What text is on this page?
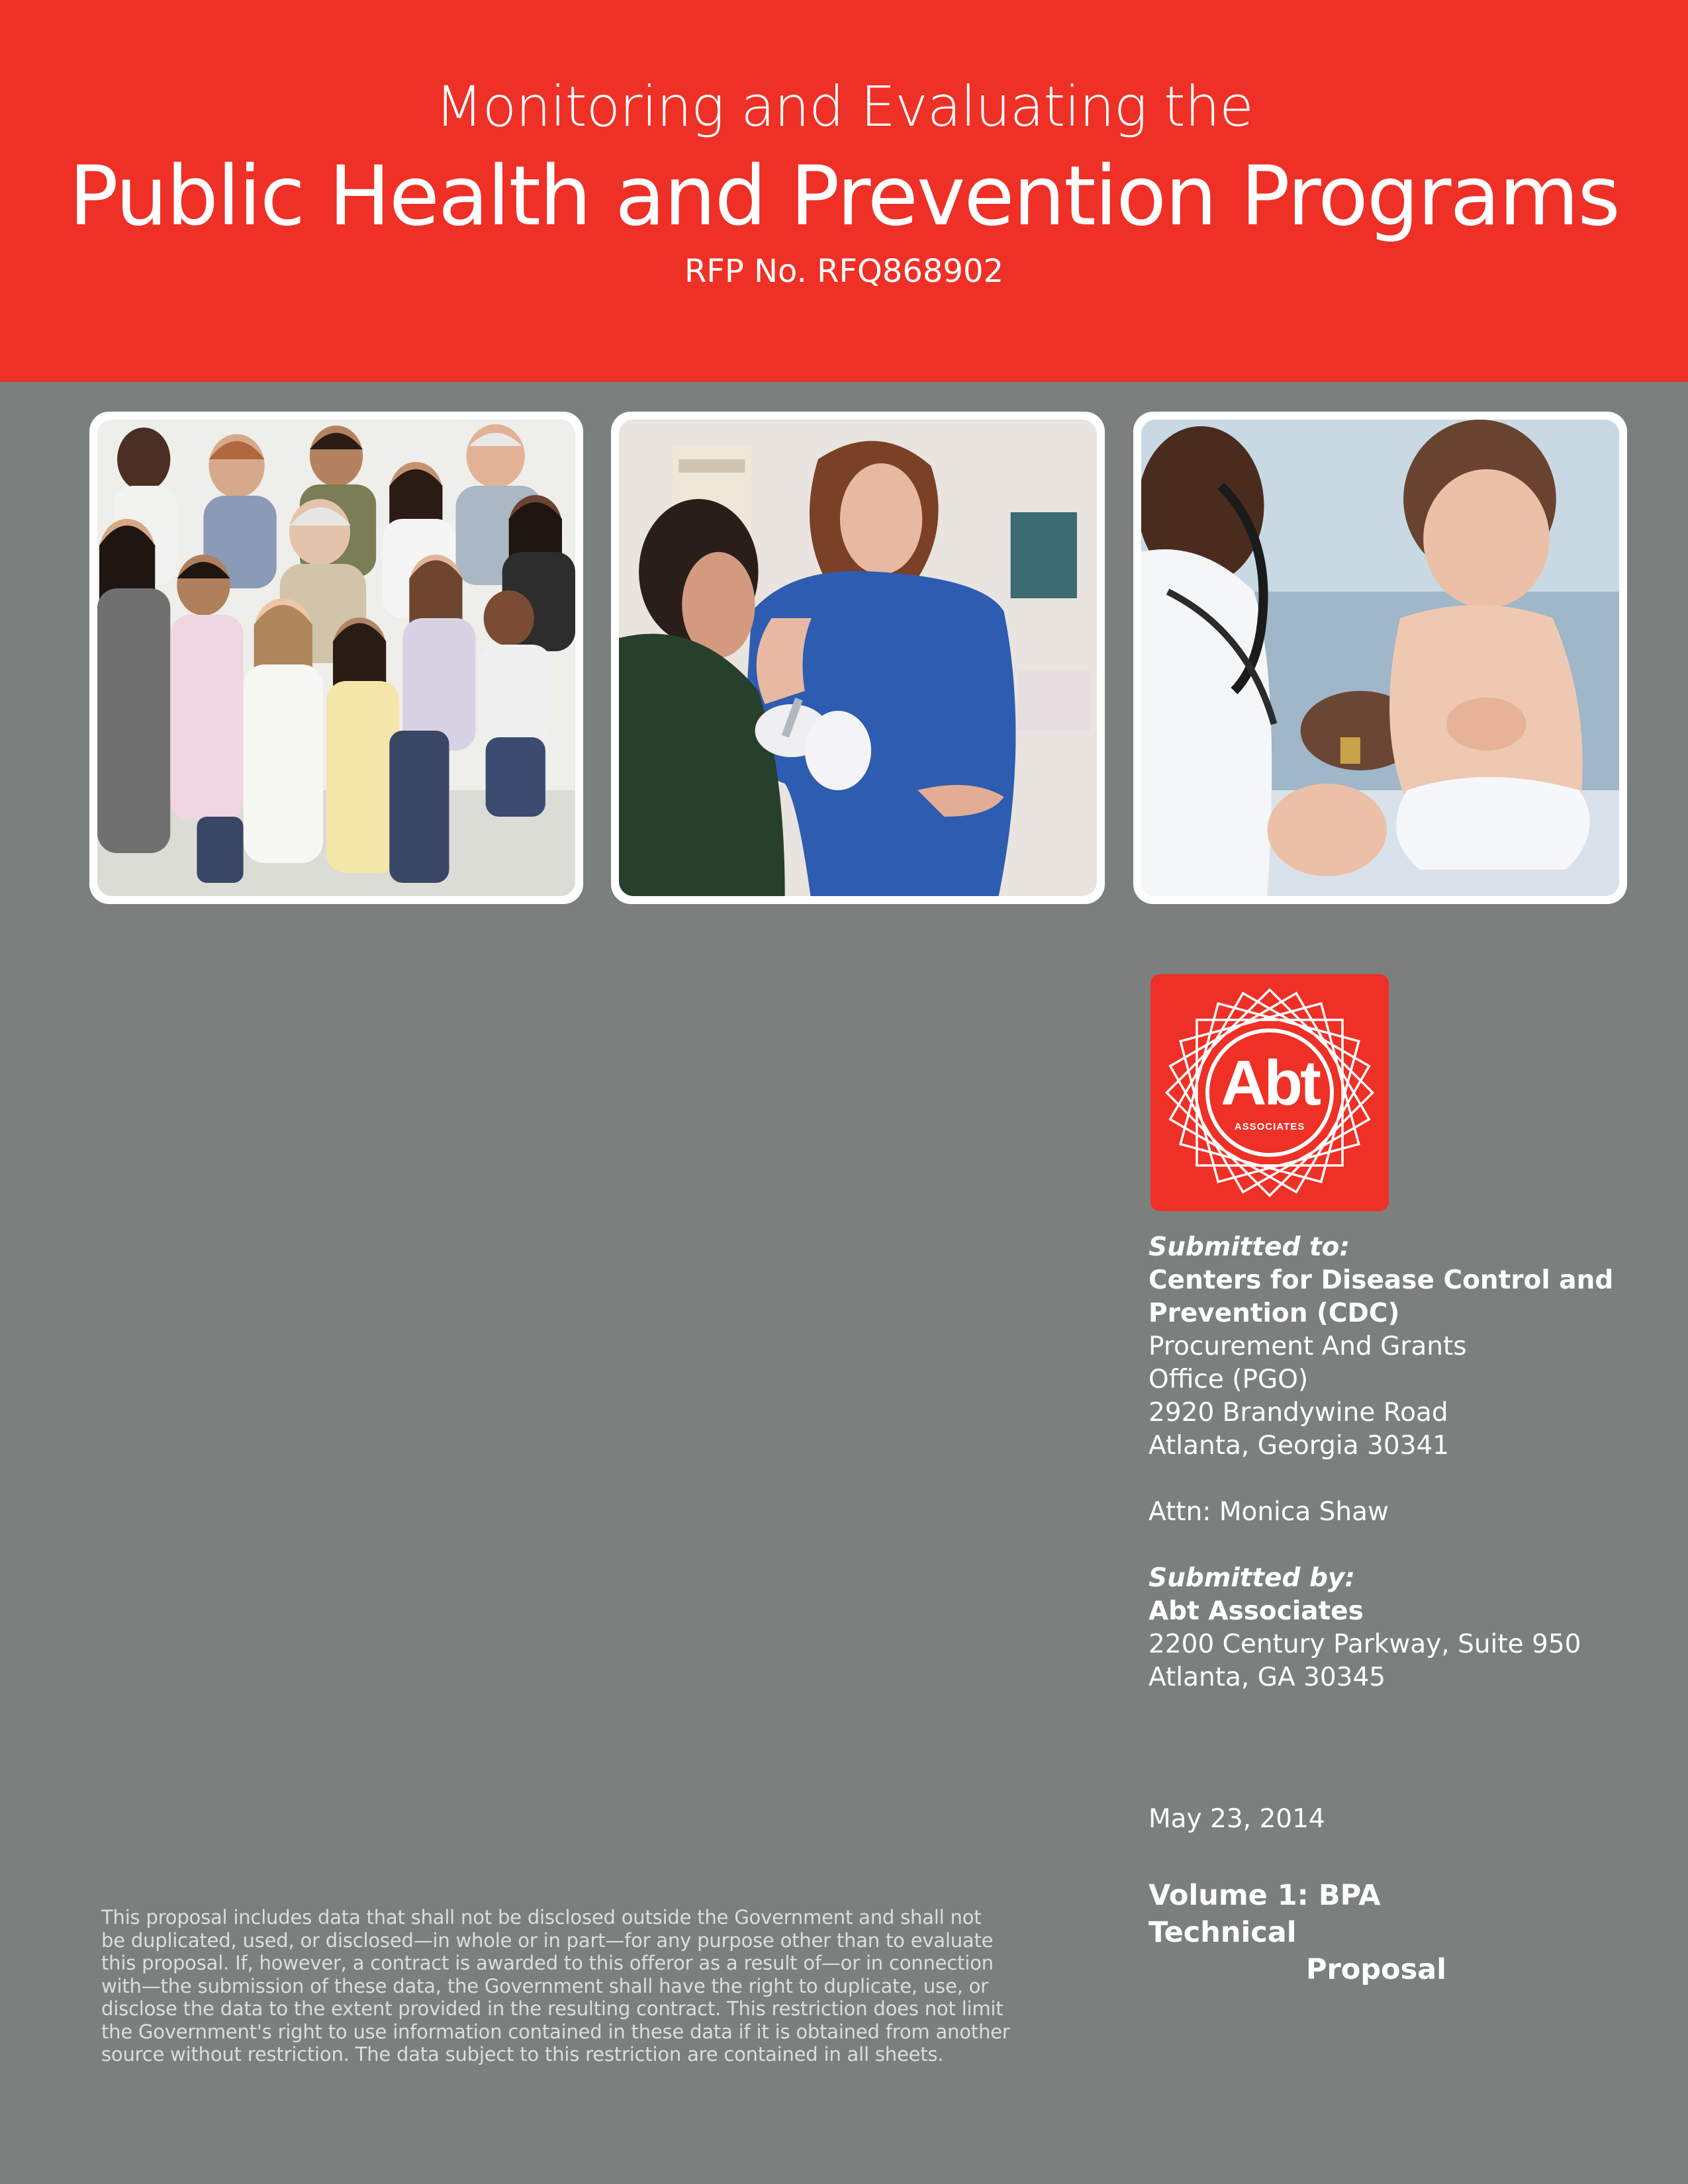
Monitoring and Evaluating the
Public Health and Prevention Programs
RFP No. RFQ868902
Abt
ASSOCIATES
Submitted to:
Centers for Disease Control and
Prevention (CDC)
Procurement And Grants
Office (PGO)
2920 Brandywine Road
Atlanta, Georgia 30341
Attn: Monica Shaw
Submitted by:
Abt Associates
2200 Century Parkway, Suite 950
Atlanta, GA 30345
May 23, 2014
Volume 1: BPA Technical
Proposal
This proposal includes data that shall not be disclosed outside the Government and shall not
be duplicated, used, or disclosed—in whole or in part—for any purpose other than to evaluate
this proposal. If, however, a contract is awarded to this offeror as a result of—or in connection
with—the submission of these data, the Government shall have the right to duplicate, use, or
disclose the data to the extent provided in the resulting contract. This restriction does not limit
the Government's right to use information contained in these data if it is obtained from another
source without restriction. The data subject to this restriction are contained in all sheets.
